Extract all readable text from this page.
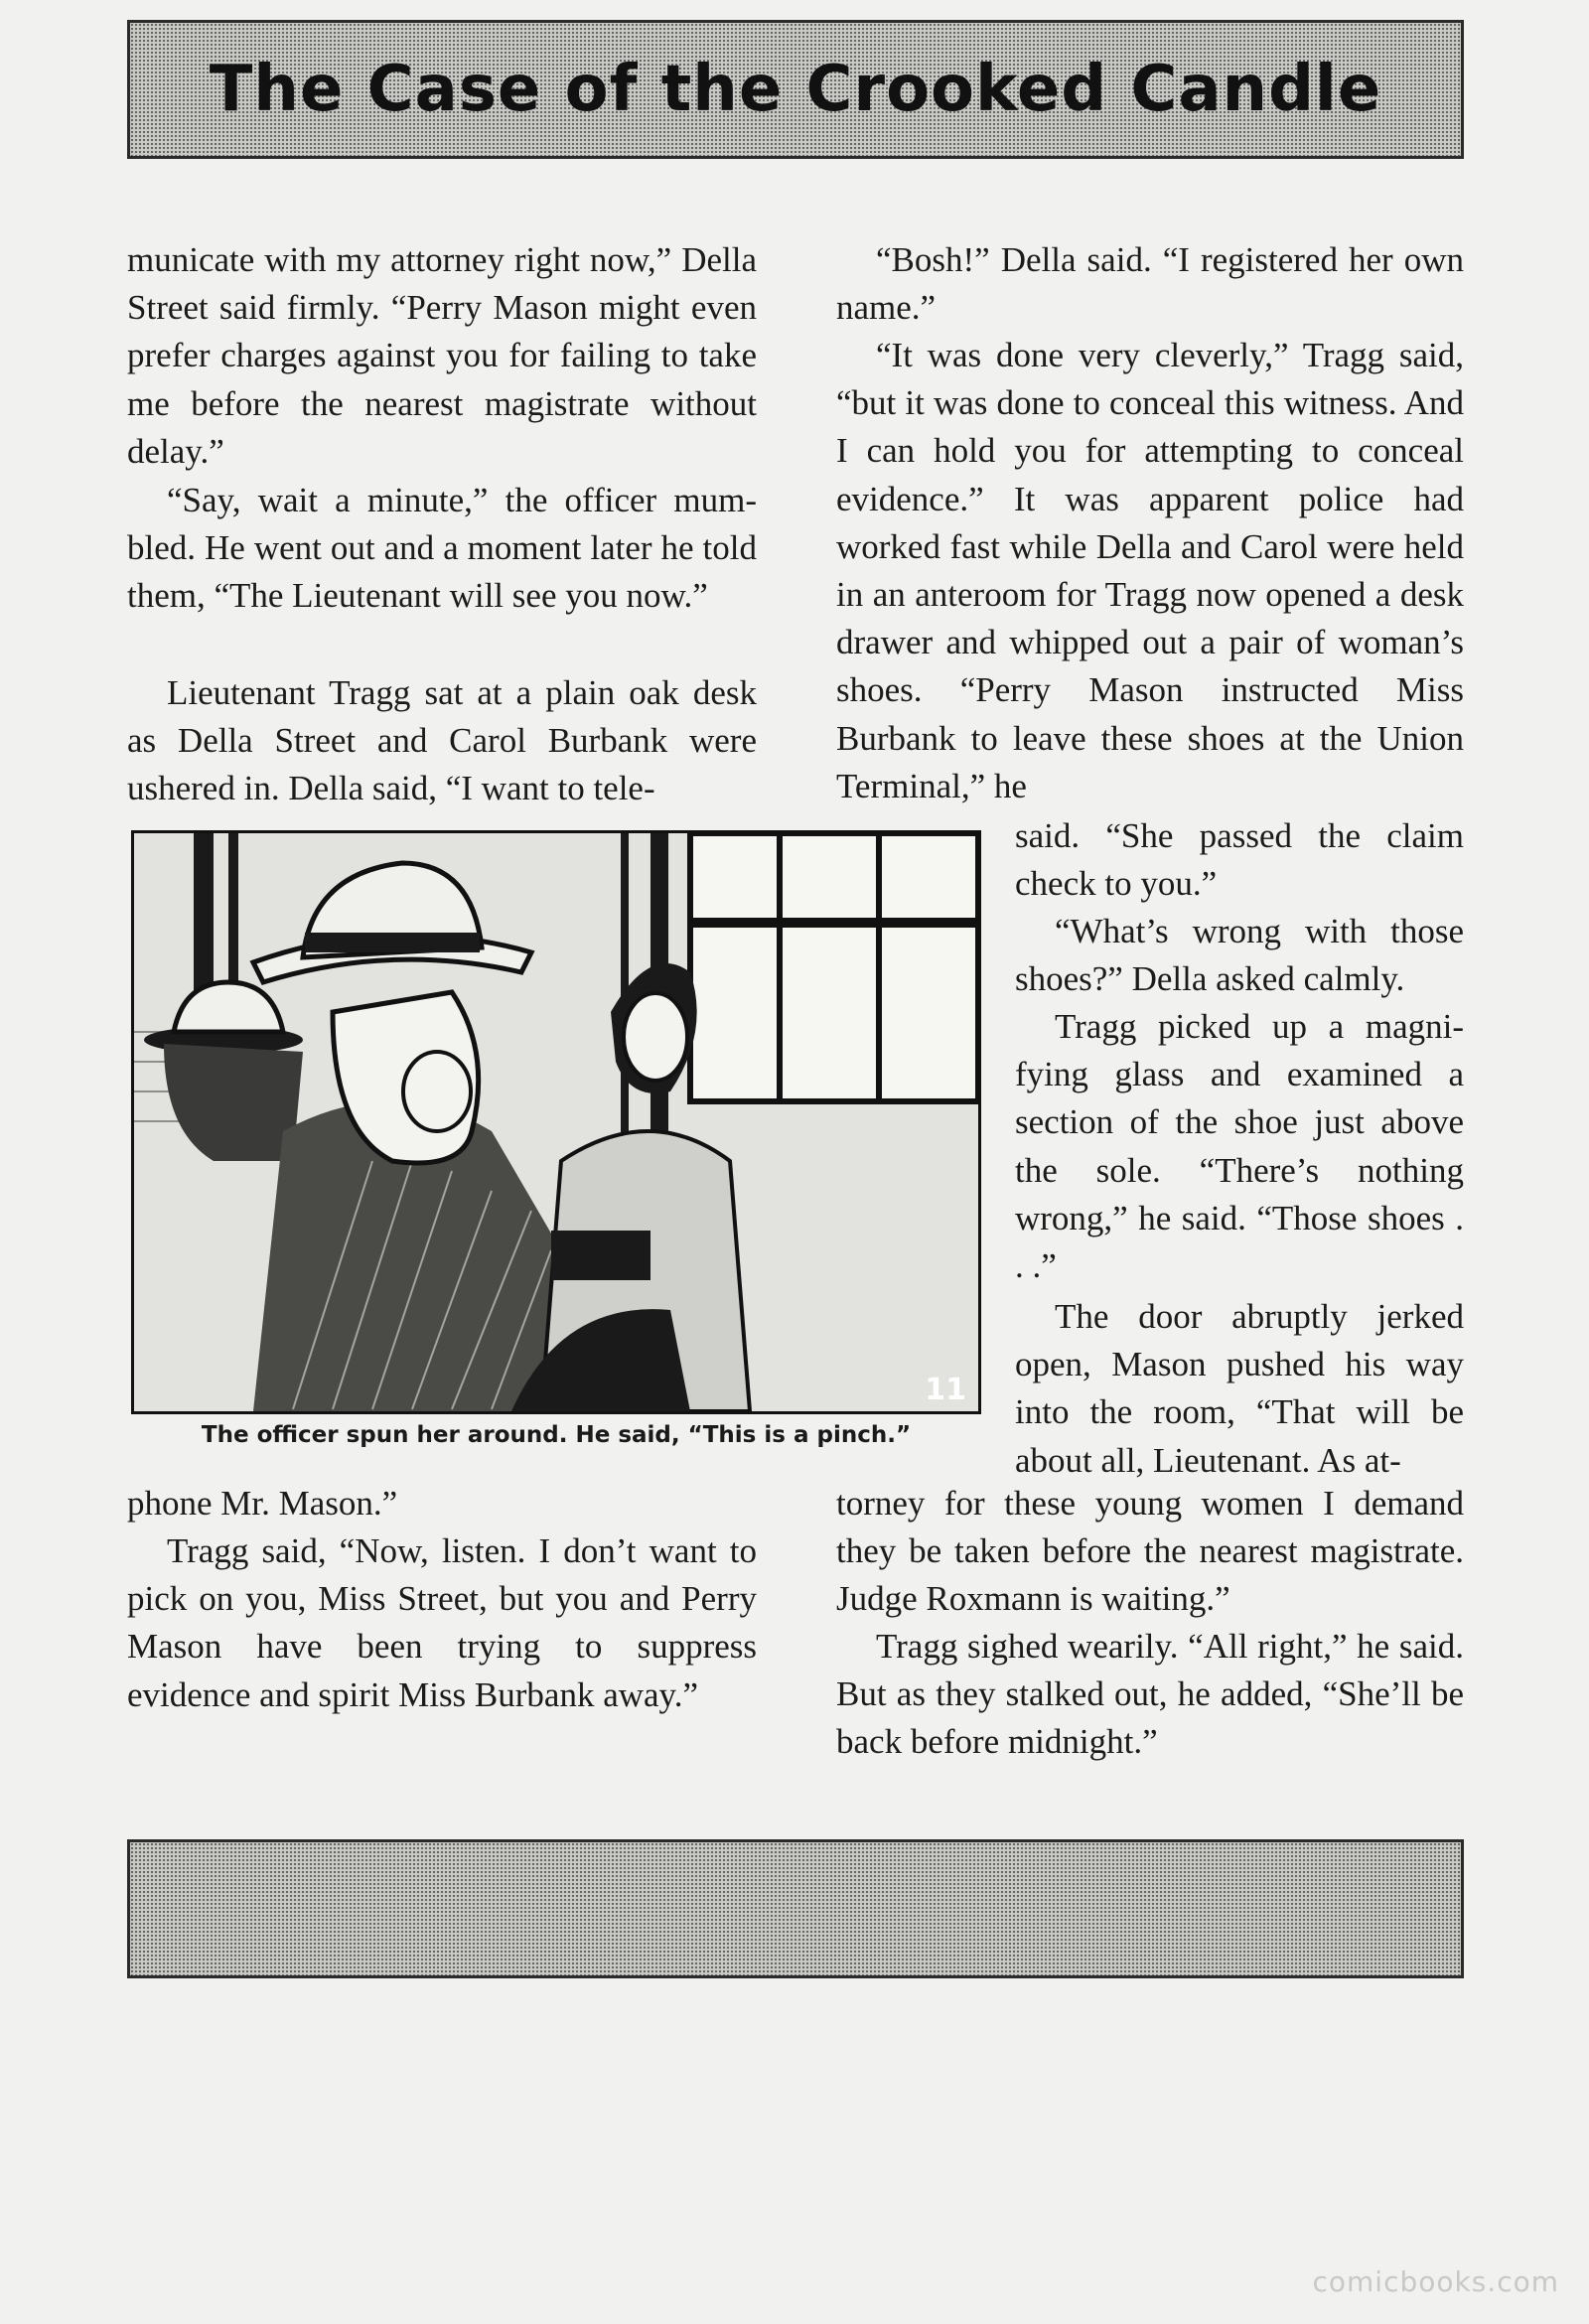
The Case of the Crooked Candle

municate with my attorney right now,” Della Street said firmly. “Perry Mason might even prefer charges against you for failing to take me before the nearest magistrate without delay.”

“Say, wait a minute,” the officer mumbled. He went out and a moment later he told them, “The Lieutenant will see you now.”

Lieutenant Tragg sat at a plain oak desk as Della Street and Carol Burbank were ushered in. Della said, “I want to tele-

11
The officer spun her around. He said, “This is a pinch.”

phone Mr. Mason.”

Tragg said, “Now, listen. I don’t want to pick on you, Miss Street, but you and Perry Mason have been trying to suppress evidence and spirit Miss Burbank away.”

“Bosh!” Della said. “I registered her own name.”

“It was done very cleverly,” Tragg said, “but it was done to conceal this witness. And I can hold you for attempting to conceal evidence.” It was apparent police had worked fast while Della and Carol were held in an anteroom for Tragg now opened a desk drawer and whipped out a pair of woman’s shoes. “Perry Mason instructed Miss Burbank to leave these shoes at the Union Terminal,” he

said. “She passed the claim check to you.”

“What’s wrong with those shoes?” Della asked calmly.

Tragg picked up a magnifying glass and examined a section of the shoe just above the sole. “There’s nothing wrong,” he said. “Those shoes . . .”

The door abruptly jerked open, Mason pushed his way into the room, “That will be about all, Lieutenant. As at-

torney for these young women I demand they be taken before the nearest magistrate. Judge Roxmann is waiting.”

Tragg sighed wearily. “All right,” he said. But as they stalked out, he added, “She’ll be back before midnight.”

comicbooks.com
